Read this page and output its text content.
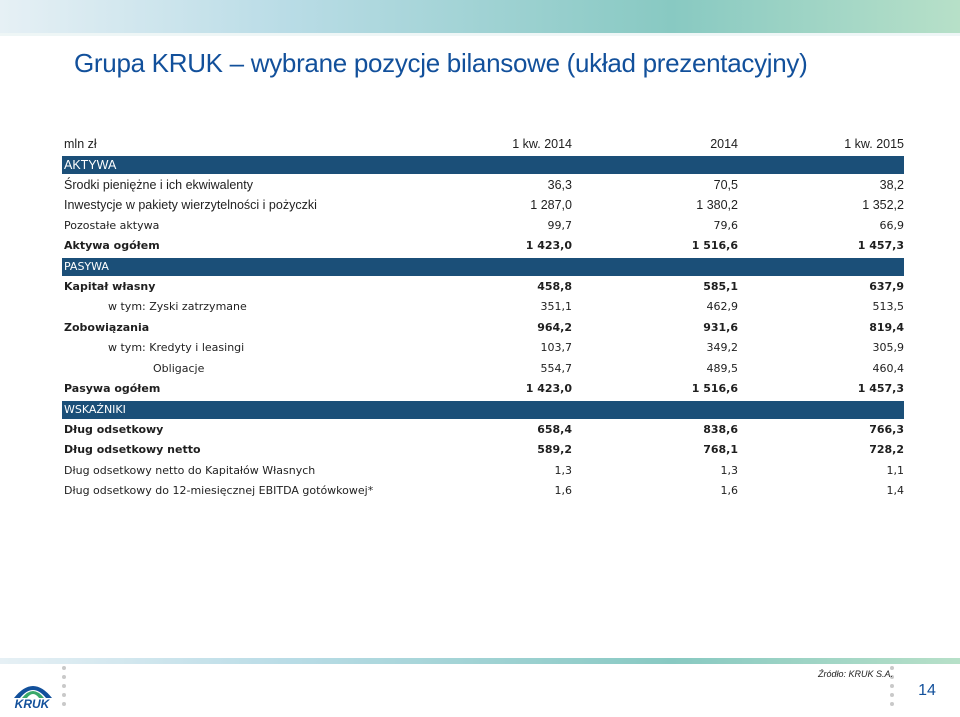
Grupa KRUK – wybrane pozycje bilansowe (układ prezentacyjny)
mln zł	1 kw. 2014	2014	1 kw. 2015
AKTYWA
Środki pieniężne i ich ekwiwalenty	36,3	70,5	38,2
Inwestycje w pakiety wierzytelności i pożyczki	1 287,0	1 380,2	1 352,2
Pozostałe aktywa	99,7	79,6	66,9
Aktywa ogółem	1 423,0	1 516,6	1 457,3
PASYWA
Kapitał własny	458,8	585,1	637,9
w tym: Zyski zatrzymane	351,1	462,9	513,5
Zobowiązania	964,2	931,6	819,4
w tym: Kredyty i leasingi	103,7	349,2	305,9
Obligacje	554,7	489,5	460,4
Pasywa ogółem	1 423,0	1 516,6	1 457,3
WSKAŹNIKI
Dług odsetkowy	658,4	838,6	766,3
Dług odsetkowy netto	589,2	768,1	728,2
Dług odsetkowy netto do Kapitałów Własnych	1,3	1,3	1,1
Dług odsetkowy do 12-miesięcznej EBITDA gotówkowej*	1,6	1,6	1,4
KRUK
Źródło: KRUK S.A.
14
